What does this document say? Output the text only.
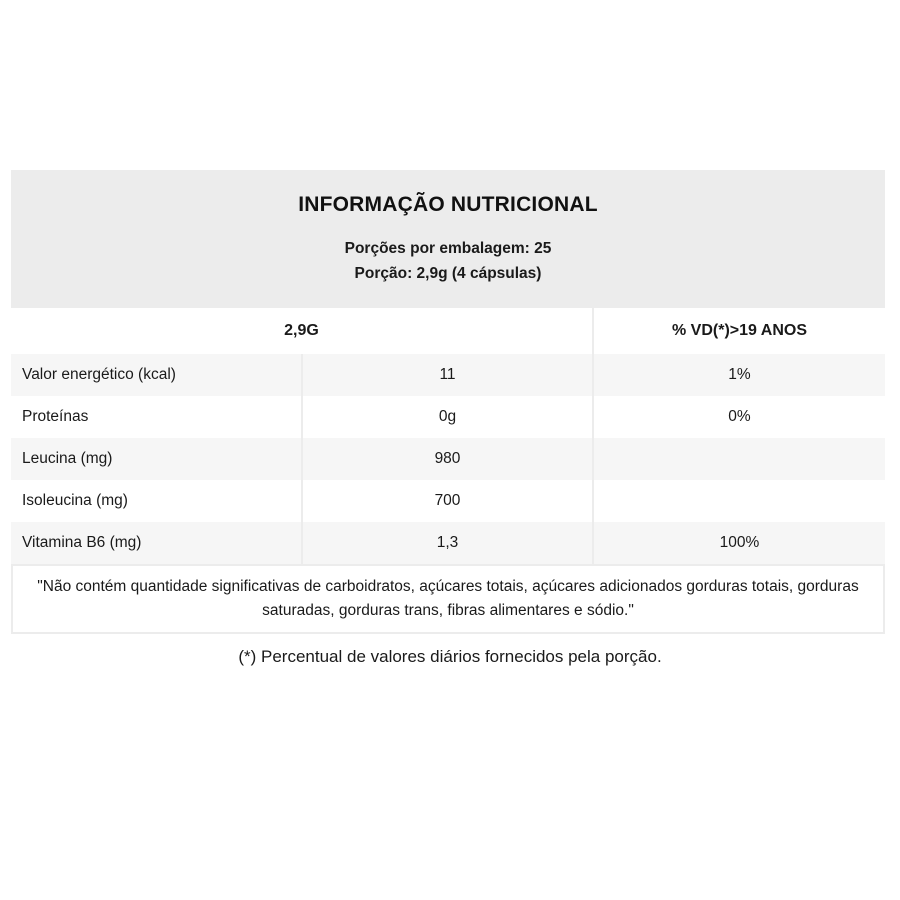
INFORMAÇÃO NUTRICIONAL
Porções por embalagem: 25
Porção: 2,9g (4 cápsulas)
2,9G		% VD(*)>19 ANOS
Valor energético (kcal)	11	1%
Proteínas	0g	0%
Leucina (mg)	980	
Isoleucina (mg)	700	
Vitamina B6 (mg)	1,3	100%
"Não contém quantidade significativas de carboidratos, açúcares totais, açúcares adicionados gorduras totais, gorduras saturadas, gorduras trans, fibras alimentares e sódio."
(*) Percentual de valores diários fornecidos pela porção.
